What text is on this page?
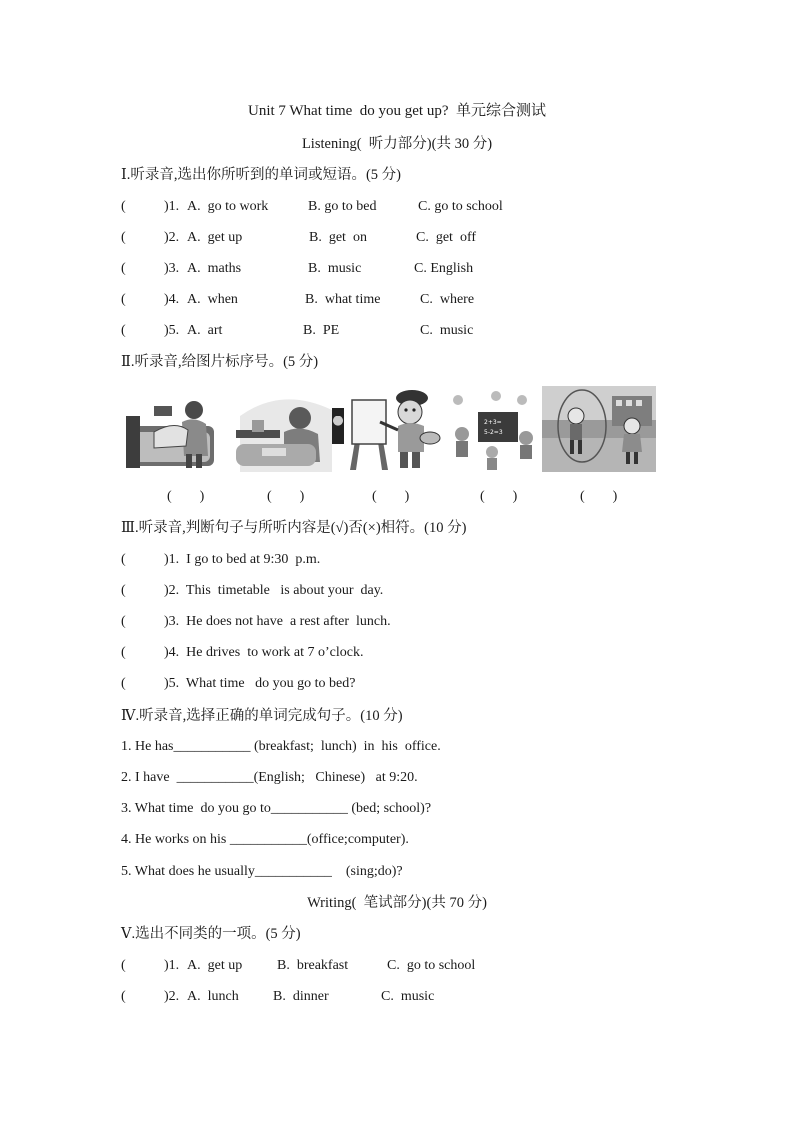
Unit 7 What time  do you get up?  单元综合测试
Listening(  听力部分)(共 30 分)
Ⅰ.听录音,选出你所听到的单词或短语。(5 分)
(	)1. A.  go to work	B. go to bed	C. go to school
(	)2. A.  get up	B.  get  on	C.  get  off
(	)3. A.  maths	B.  music	C. English
(	)4. A.  when	B.  what time	C.  where
(	)5. A.  art	B.  PE	C.  music
Ⅱ.听录音,给图片标序号。(5 分)
2+3=
5-2=3
(        )	(        )	(        )	(        )	(        )
Ⅲ.听录音,判断句子与所听内容是(√)否(×)相符。(10 分)
(	)1.  I go to bed at 9:30  p.m.
(	)2.  This  timetable   is about your  day.
(	)3.  He does not have  a rest after  lunch.
(	)4.  He drives  to work at 7 o’clock.
(	)5.  What time   do you go to bed?
Ⅳ.听录音,选择正确的单词完成句子。(10 分)
1. He has___________ (breakfast;  lunch)  in  his  office.
2. I have  ___________(English;   Chinese)   at 9:20.
3. What time  do you go to___________ (bed; school)?
4. He works on his ___________(office;computer).
5. What does he usually___________    (sing;do)?
Writing(  笔试部分)(共 70 分)
Ⅴ.选出不同类的一项。(5 分)
(	)1. A.  get up B.  breakfast	C.  go to school
(	)2. A.  lunch B.  dinner	C.  music
